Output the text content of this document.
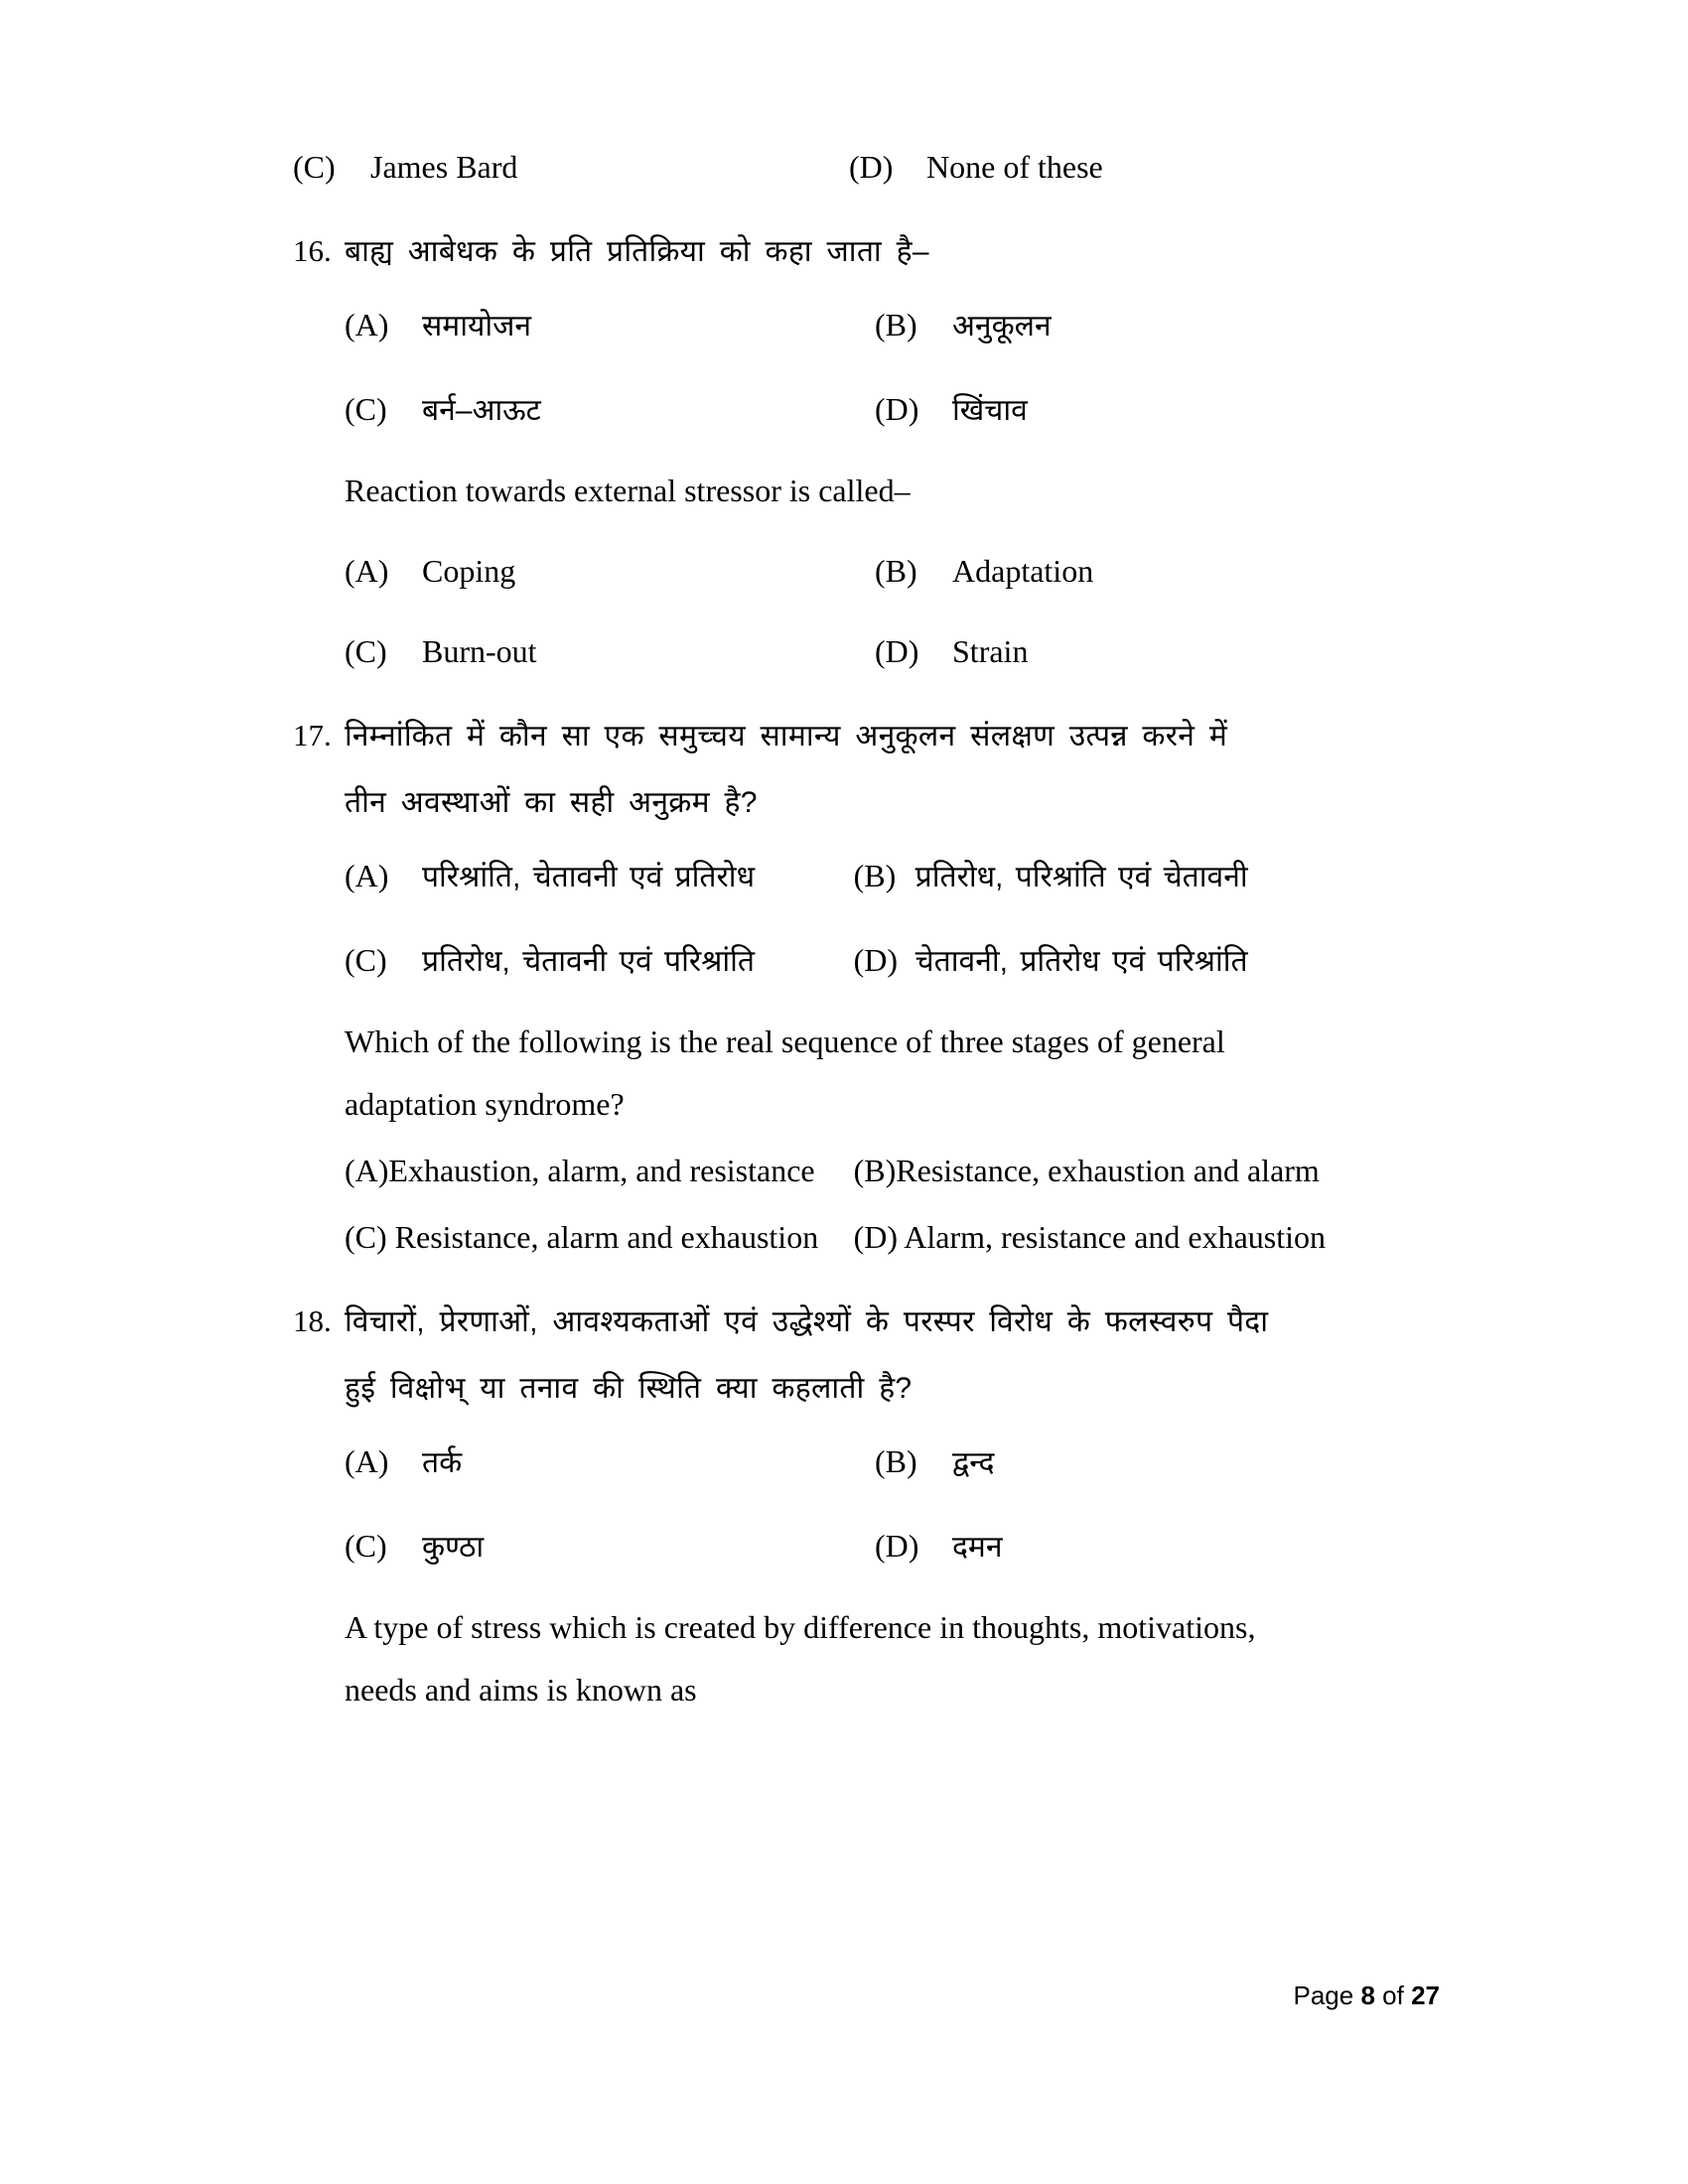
(C)	James Bard	(D)	None of these
16. बाह्य आबेधक के प्रति प्रतिक्रिया को कहा जाता है–
(A)	समायोजन	(B)	अनुकूलन
(C)	बर्न–आऊट	(D)	खिंचाव
Reaction towards external stressor is called–
(A)	Coping	(B)	Adaptation
(C)	Burn-out	(D)	Strain
17. निम्नांकित में कौन सा एक समुच्चय सामान्य अनुकूलन संलक्षण उत्पन्न करने में
तीन अवस्थाओं का सही अनुक्रम है?
(A)	परिश्रांति, चेतावनी एवं प्रतिरोध	(B) प्रतिरोध, परिश्रांति एवं चेतावनी
(C)	प्रतिरोध, चेतावनी एवं परिश्रांति	(D) चेतावनी, प्रतिरोध एवं परिश्रांति
Which of the following is the real sequence of three stages of general
adaptation syndrome?
(A)Exhaustion, alarm, and resistance (B)Resistance, exhaustion and alarm
(C) Resistance, alarm and exhaustion (D) Alarm, resistance and exhaustion
18. विचारों, प्रेरणाओं, आवश्यकताओं एवं उद्धेश्यों के परस्पर विरोध के फलस्वरुप पैदा
हुई विक्षोभ् या तनाव की स्थिति क्या कहलाती है?
(A)	तर्क	(B)	द्वन्द
(C)	कुण्ठा	(D)	दमन
A type of stress which is created by difference in thoughts, motivations,
needs and aims is known as
Page 8 of 27
